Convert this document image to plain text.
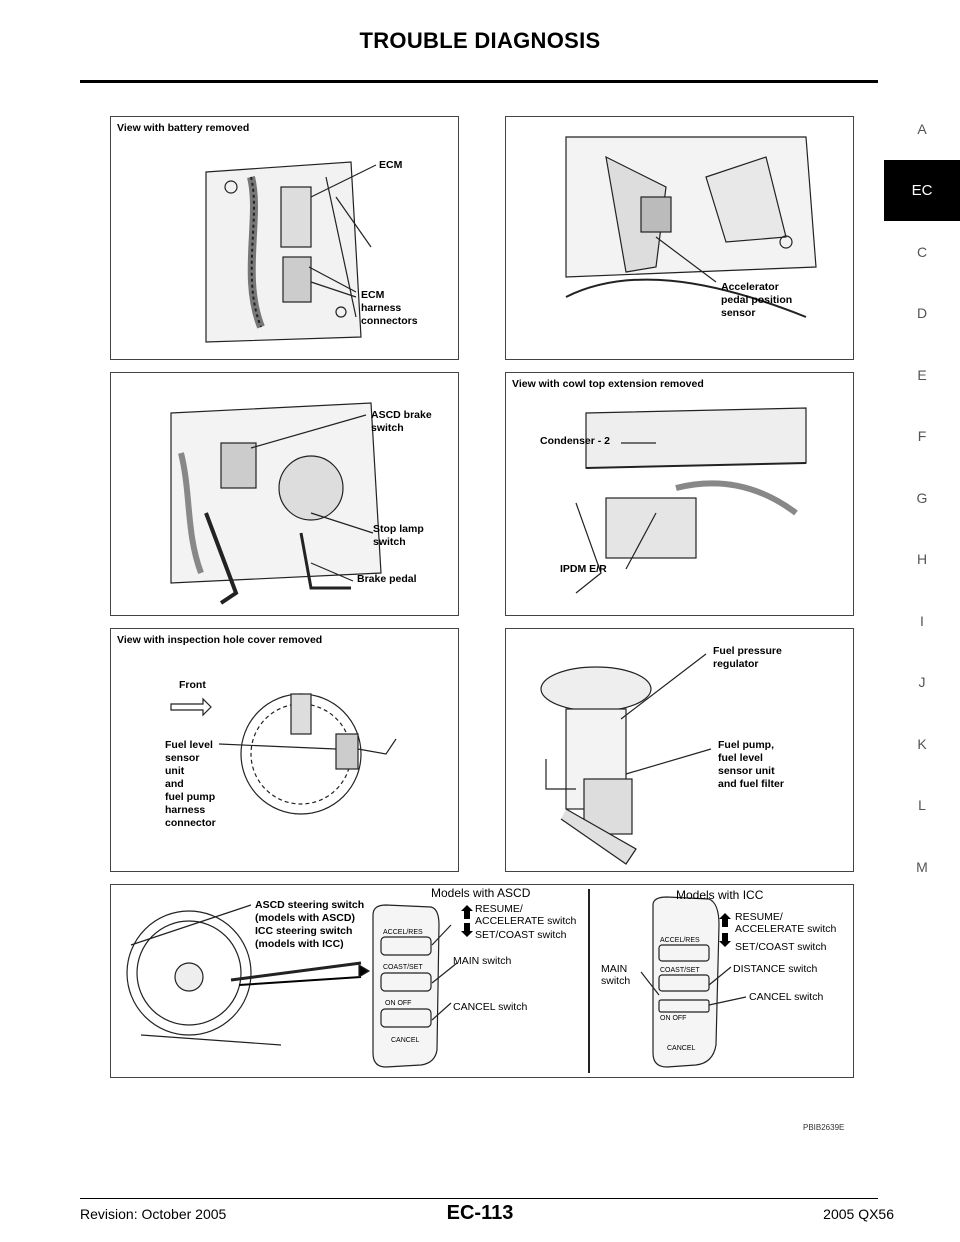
TROUBLE DIAGNOSIS
A
EC
C
D
E
F
G
H
I
J
K
L
M
View with battery removed
ECM
ECM
harness
connectors
Accelerator
pedal position
sensor
ASCD brake
switch
Stop lamp
switch
Brake pedal
View with cowl top extension removed
Condenser - 2
IPDM E/R
View with inspection hole cover removed
Front
Fuel level
sensor
unit
and
fuel pump
harness
connector
Fuel pressure
regulator
Fuel pump,
fuel level
sensor unit
and fuel filter
ASCD steering switch
(models with ASCD)
ICC steering switch
(models with ICC)
Models with ASCD
RESUME/
ACCELERATE switch
SET/COAST switch
MAIN switch
CANCEL switch
ACCEL/RES
COAST/SET
ON OFF
CANCEL
Models with ICC
RESUME/
ACCELERATE switch
SET/COAST switch
DISTANCE switch
MAIN
switch
CANCEL switch
ACCEL/RES
COAST/SET
ON OFF
CANCEL
PBIB2639E
Revision: October 2005	EC-113	2005 QX56
